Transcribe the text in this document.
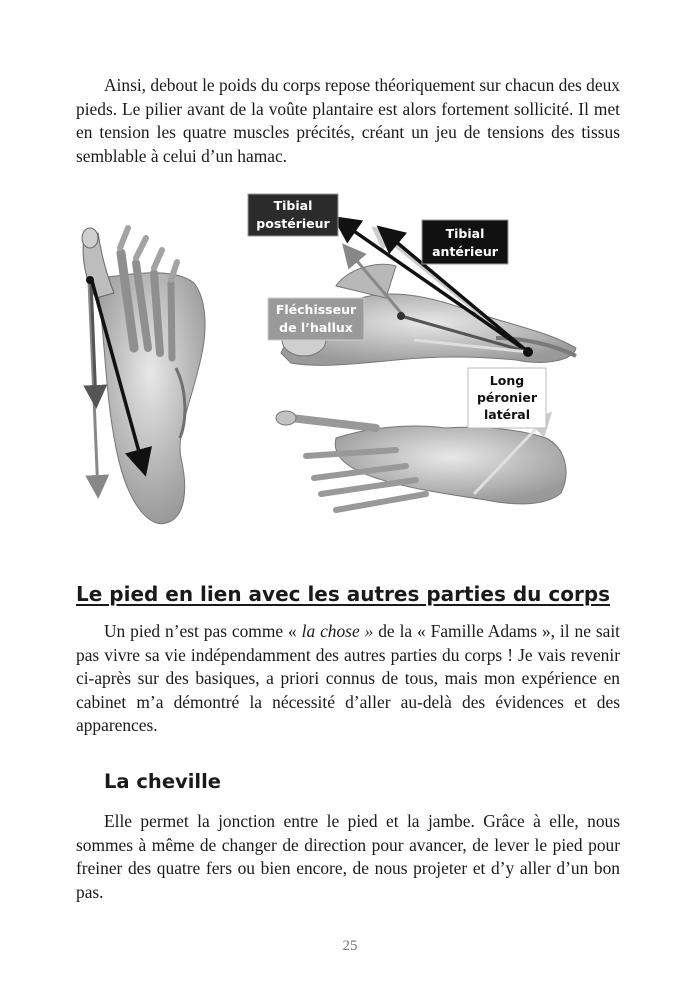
Ainsi, debout le poids du corps repose théoriquement sur chacun des deux pieds. Le pilier avant de la voûte plantaire est alors fortement sollicité. Il met en tension les quatre muscles précités, créant un jeu de tensions des tissus semblable à celui d’un hamac.

Tibial
postérieur
Tibial
antérieur
Fléchisseur
de l’hallux
Long
péronier
latéral
Le pied en lien avec les autres parties du corps

Un pied n’est pas comme « la chose » de la « Famille Adams », il ne sait pas vivre sa vie indépendamment des autres parties du corps ! Je vais revenir ci-après sur des basiques, a priori connus de tous, mais mon expérience en cabinet m’a démontré la nécessité d’aller au-delà des évidences et des apparences.

La cheville

Elle permet la jonction entre le pied et la jambe. Grâce à elle, nous sommes à même de changer de direction pour avancer, de lever le pied pour freiner des quatre fers ou bien encore, de nous projeter et d’y aller d’un bon pas.

25
